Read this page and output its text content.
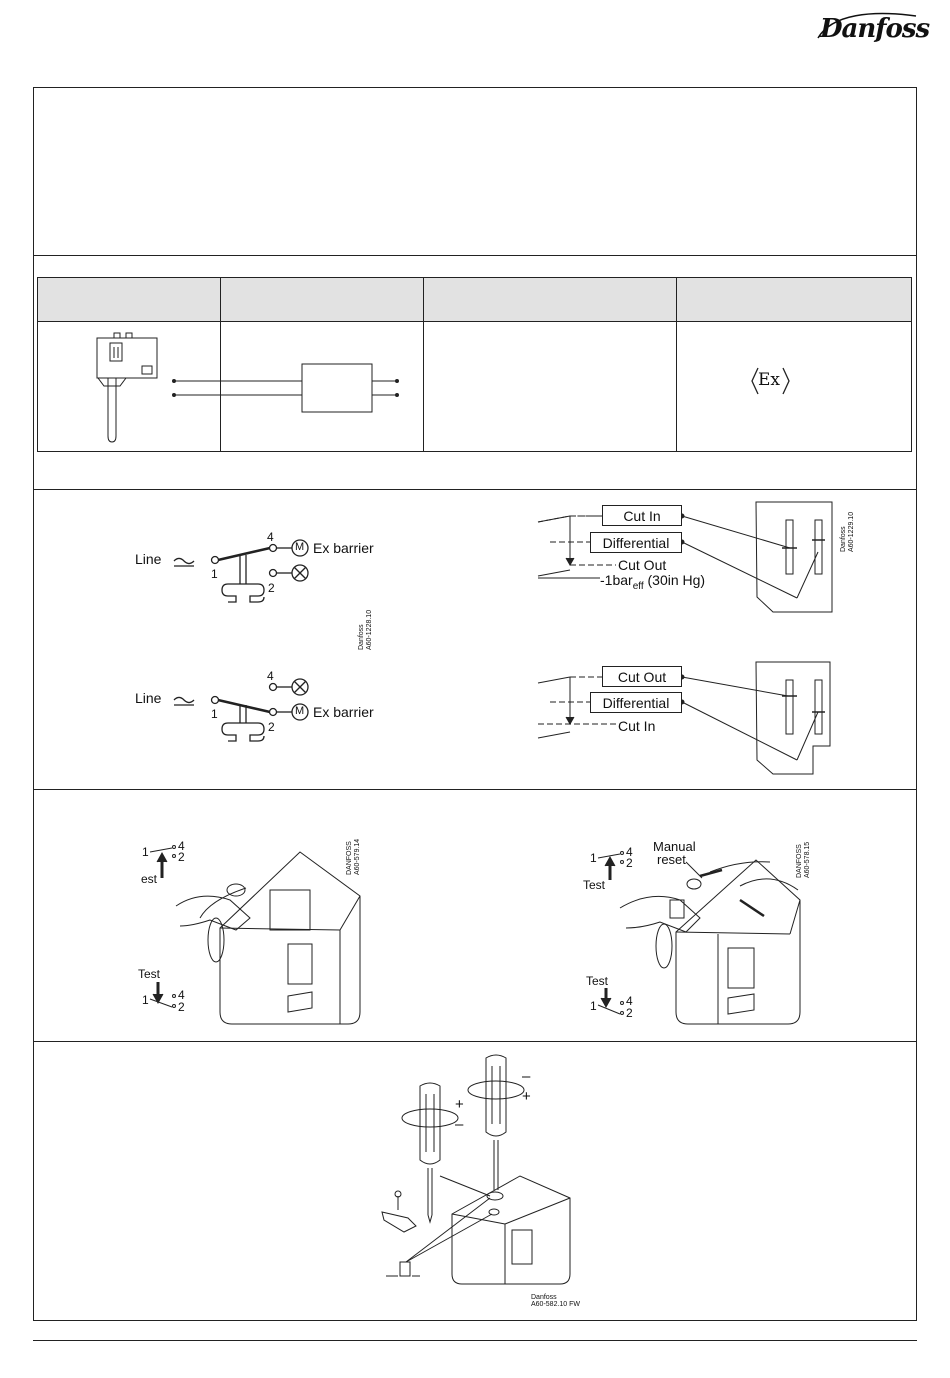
Danfoss
Ex
Line
4
1
2
M Ex barrier
Danfoss A60-1228.10
Line
4
1
2
M Ex barrier
Cut In
Differential
Cut Out
-1bar$_{eff}$ (30in Hg)
Danfoss A60-1229.10
Cut Out
Differential
Cut In
1 4
2
est
Test
1 4
2
DANFOSS A60-579.14	Manual
reset
1 4
2
Test
Test
1 4
2
DANFOSS A60-578.15
+
–
–
+
Danfoss
A60-582.10 FW
